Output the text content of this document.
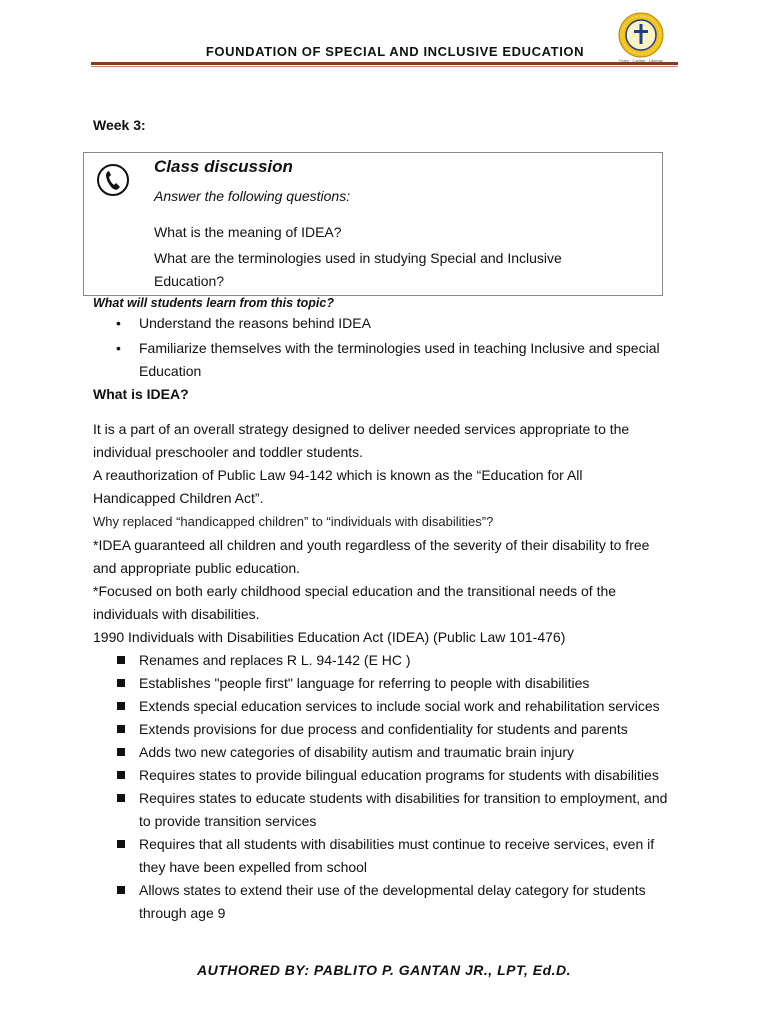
FOUNDATION OF SPECIAL AND INCLUSIVE EDUCATION
Fides · Caritas · Libertas
Week 3:
Class discussion
Answer the following questions:
What is the meaning of IDEA?
What are the terminologies used in studying Special and Inclusive Education?
What will students learn from this topic?
• Understand the reasons behind IDEA
• Familiarize themselves with the terminologies used in teaching Inclusive and special Education
What is IDEA?
It is a part of an overall strategy designed to deliver needed services appropriate to the individual preschooler and toddler students.
A reauthorization of Public Law 94-142 which is known as the “Education for All Handicapped Children Act”.
Why replaced “handicapped children” to “individuals with disabilities”?
*IDEA guaranteed all children and youth regardless of the severity of their disability to free and appropriate public education.
*Focused on both early childhood special education and the transitional needs of the individuals with disabilities.
1990 Individuals with Disabilities Education Act (IDEA) (Public Law 101-476)
Renames and replaces R L. 94-142 (E HC )
Establishes "people first" language for referring to people with disabilities
Extends special education services to include social work and rehabilitation services
Extends provisions for due process and confidentiality for students and parents
Adds two new categories of disability autism and traumatic brain injury
Requires states to provide bilingual education programs for students with disabilities
Requires states to educate students with disabilities for transition to employment, and to provide transition services
Requires that all students with disabilities must continue to receive services, even if they have been expelled from school
Allows states to extend their use of the developmental delay category for students through age 9
AUTHORED BY: PABLITO P. GANTAN JR., LPT, Ed.D.
